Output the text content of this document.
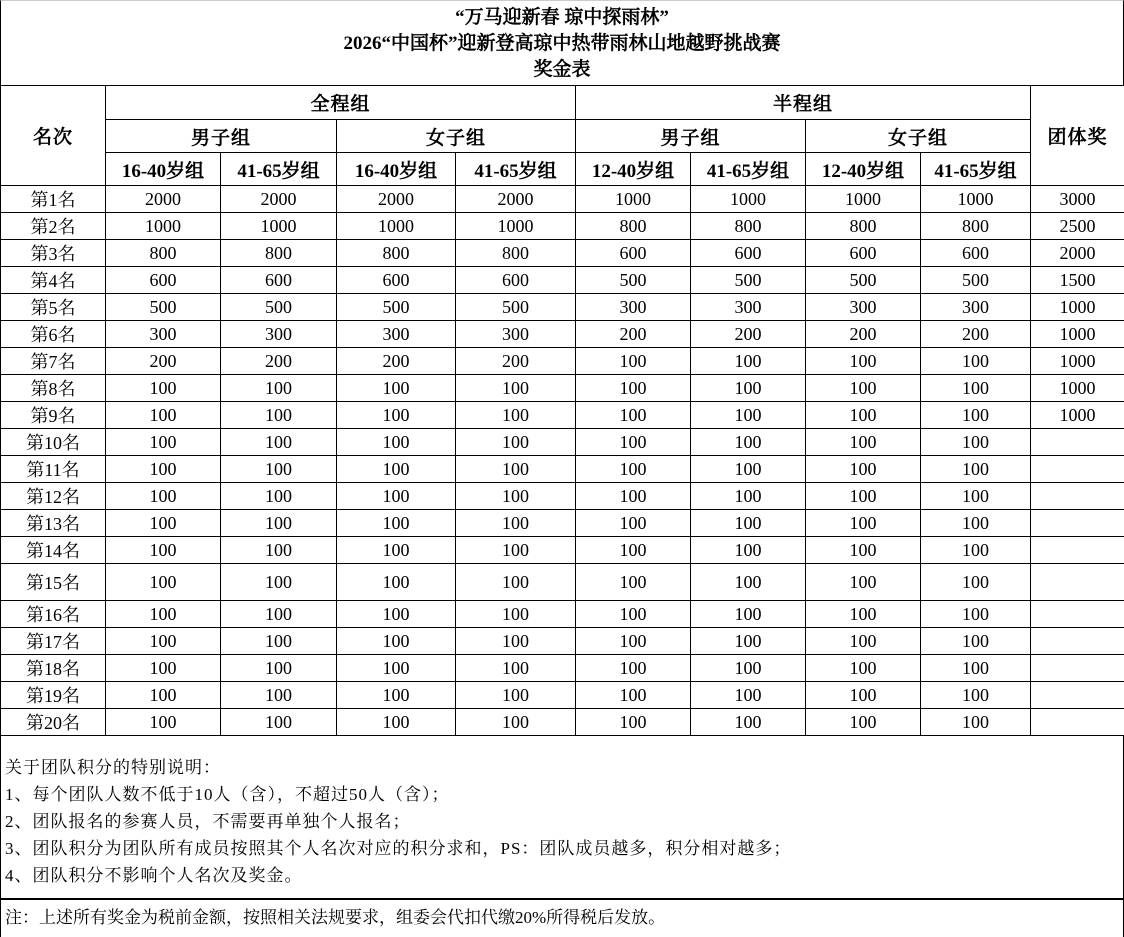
“万马迎新春 琼中探雨林”
2026“中国杯”迎新登高琼中热带雨林山地越野挑战赛
奖金表
名次	全程组				半程组				团体奖
	男子组		女子组		男子组		女子组		
	16-40岁组	41-65岁组	16-40岁组	41-65岁组	12-40岁组	41-65岁组	12-40岁组	41-65岁组	
第1名	2000	2000	2000	2000	1000	1000	1000	1000	3000
第2名	1000	1000	1000	1000	800	800	800	800	2500
第3名	800	800	800	800	600	600	600	600	2000
第4名	600	600	600	600	500	500	500	500	1500
第5名	500	500	500	500	300	300	300	300	1000
第6名	300	300	300	300	200	200	200	200	1000
第7名	200	200	200	200	100	100	100	100	1000
第8名	100	100	100	100	100	100	100	100	1000
第9名	100	100	100	100	100	100	100	100	1000
第10名	100	100	100	100	100	100	100	100	
第11名	100	100	100	100	100	100	100	100	
第12名	100	100	100	100	100	100	100	100	
第13名	100	100	100	100	100	100	100	100	
第14名	100	100	100	100	100	100	100	100	
第15名	100	100	100	100	100	100	100	100	
第16名	100	100	100	100	100	100	100	100	
第17名	100	100	100	100	100	100	100	100	
第18名	100	100	100	100	100	100	100	100	
第19名	100	100	100	100	100	100	100	100	
第20名	100	100	100	100	100	100	100	100	
关于团队积分的特别说明：
1、每个团队人数不低于10人（含），不超过50人（含）；
2、团队报名的参赛人员，不需要再单独个人报名；
3、团队积分为团队所有成员按照其个人名次对应的积分求和，PS：团队成员越多，积分相对越多；
4、团队积分不影响个人名次及奖金。
注：上述所有奖金为税前金额，按照相关法规要求，组委会代扣代缴20%所得税后发放。
